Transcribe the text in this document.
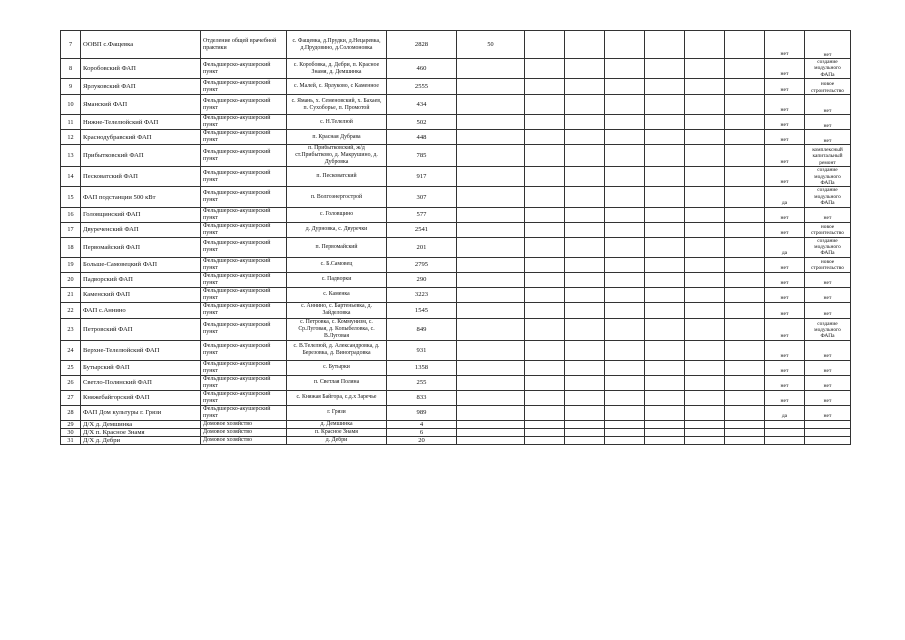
7	ООВП с.Фащевка	Отделение общей врачебной практики	с. Фащевка, д.Прудки, д.Нецаревка, д.Прудовино, д.Соломоновка	2828	50							нет	нет
8	Коробовский ФАП	Фельдшерско-акушерский пункт	с. Коробовка, д. Дебри, п. Красное Знамя, д. Демшинка	460								нет	создание модульного ФАПа
9	Ярлуковский ФАП	Фельдшерско-акушерский пункт	с. Малей, с. Ярлуково, с Каменное	2555								нет	новое строительство
10	Яманский ФАП	Фельдшерско-акушерский пункт	с. Ямань, х. Семеновский, х. Бахаев, п. Сухоборье, п. Промотой	434								нет	нет
11	Нижне-Телелюйский ФАП	Фельдшерско-акушерский пункт	с. Н.Телелюй	502								нет	нет
12	Краснодубравский ФАП	Фельдшерско-акушерский пункт	п. Красная Дубрава	448								нет	нет
13	Прибытковский ФАП	Фельдшерско-акушерский пункт	п. Прибытковский, ж/д ст.Прибытково, д. Макрушино, д. Дубровка	785								нет	комплексный капитальный ремонт
14	Песковатский ФАП	Фельдшерско-акушерский пункт	п. Песковатский	917								нет	создание модульного ФАПа
15	ФАП подстанции 500 кВт	Фельдшерско-акушерский пункт	п. Волгоэнергострой	307								да	создание модульного ФАПа
16	Головщинский ФАП	Фельдшерско-акушерский пункт	с. Головщино	577								нет	нет
17	Двуреченский ФАП	Фельдшерско-акушерский пункт	д. Дурновка, с. Двуречки	2541								нет	новое строительство
18	Первомайский ФАП	Фельдшерско-акушерский пункт	п. Первомайский	201								да	создание модульного ФАПа
19	Больше-Самовецкий ФАП	Фельдшерско-акушерский пункт	с. Б.Самовец	2795								нет	новое строительство
20	Падворский ФАП	Фельдшерско-акушерский пункт	с. Падворки	290								нет	нет
21	Каменский ФАП	Фельдшерско-акушерский пункт	с. Каменка	3223								нет	нет
22	ФАП с.Аннино	Фельдшерско-акушерский пункт	с. Аннино, с. Бартеньевка, д. Зайделовка	1545								нет	нет
23	Петровский ФАП	Фельдшерско-акушерский пункт	с. Петровка, с. Коммунизм, с. Ср.Луговая, д. Копыбеловка, с. В.Луговая	849								нет	создание модульного ФАПа
24	Верхне-Телелюйский ФАП	Фельдшерско-акушерский пункт	с. В.Телелюй, д. Александровка, д. Березовка, д. Виноградовка	931								нет	нет
25	Бутырский ФАП	Фельдшерско-акушерский пункт	с. Бутырки	1358								нет	нет
26	Светло-Полянский ФАП	Фельдшерско-акушерский пункт	п. Светлая Поляна	255								нет	нет
27	Княжебайгорский ФАП	Фельдшерско-акушерский пункт	с. Княжая Байгора, с.д.х Заречье	833								нет	нет
28	ФАП Дом культуры г. Грязи	Фельдшерско-акушерский пункт	г. Грязи	989								да	нет
29	Д/Х д. Демшинка	Домовое хозяйство	д. Демшинка	4									
30	Д/Х п. Красное Знамя	Домовое хозяйство	п. Красное Знамя	6									
31	Д/Х д. Дебри	Домовое хозяйство	д. Дебри	20									
